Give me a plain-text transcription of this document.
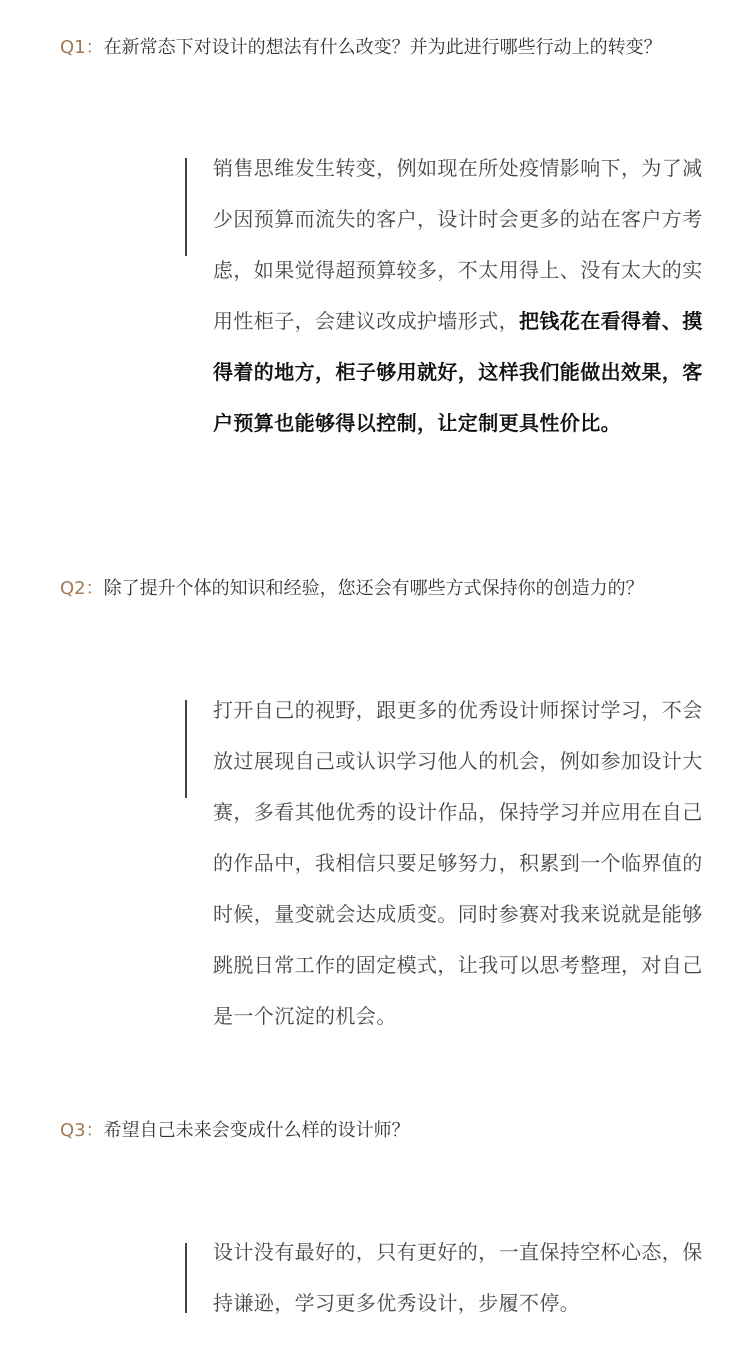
Q1：在新常态下对设计的想法有什么改变？并为此进行哪些行动上的转变？
销售思维发生转变，例如现在所处疫情影响下，为了减少因预算而流失的客户，设计时会更多的站在客户方考虑，如果觉得超预算较多，不太用得上、没有太大的实用性柜子，会建议改成护墙形式，把钱花在看得着、摸得着的地方，柜子够用就好，这样我们能做出效果，客户预算也能够得以控制，让定制更具性价比。
Q2：除了提升个体的知识和经验，您还会有哪些方式保持你的创造力的？
打开自己的视野，跟更多的优秀设计师探讨学习，不会放过展现自己或认识学习他人的机会，例如参加设计大赛，多看其他优秀的设计作品，保持学习并应用在自己的作品中，我相信只要足够努力，积累到一个临界值的时候，量变就会达成质变。同时参赛对我来说就是能够跳脱日常工作的固定模式，让我可以思考整理，对自己是一个沉淀的机会。
Q3：希望自己未来会变成什么样的设计师？
设计没有最好的，只有更好的，一直保持空杯心态，保持谦逊，学习更多优秀设计，步履不停。
